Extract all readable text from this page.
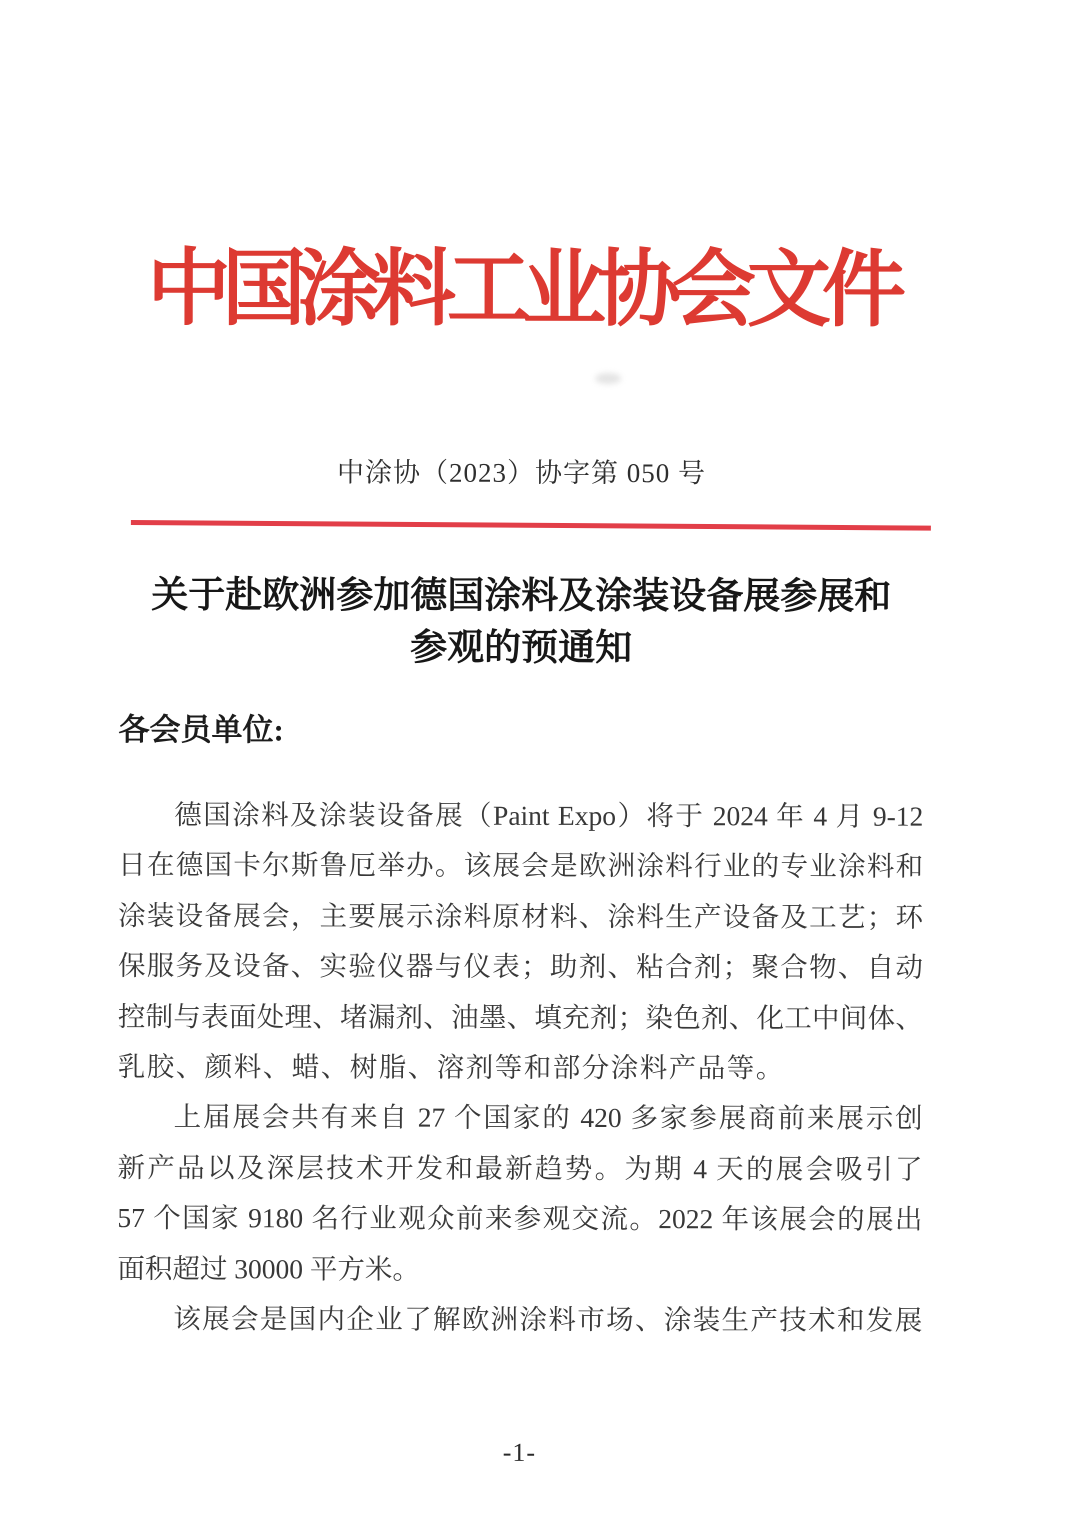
中国涂料工业协会文件
中涂协（2023）协字第 050 号
关于赴欧洲参加德国涂料及涂装设备展参展和
参观的预通知
各会员单位:
德国涂料及涂装设备展（Paint Expo）将于 2024 年 4 月 9-12
日在德国卡尔斯鲁厄举办。该展会是欧洲涂料行业的专业涂料和
涂装设备展会，主要展示涂料原材料、涂料生产设备及工艺；环
保服务及设备、实验仪器与仪表；助剂、粘合剂；聚合物、自动
控制与表面处理、堵漏剂、油墨、填充剂；染色剂、化工中间体、
乳胶、颜料、蜡、树脂、溶剂等和部分涂料产品等。
上届展会共有来自 27 个国家的 420 多家参展商前来展示创
新产品以及深层技术开发和最新趋势。为期 4 天的展会吸引了
57 个国家 9180 名行业观众前来参观交流。2022 年该展会的展出
面积超过 30000 平方米。
该展会是国内企业了解欧洲涂料市场、涂装生产技术和发展
-1-
